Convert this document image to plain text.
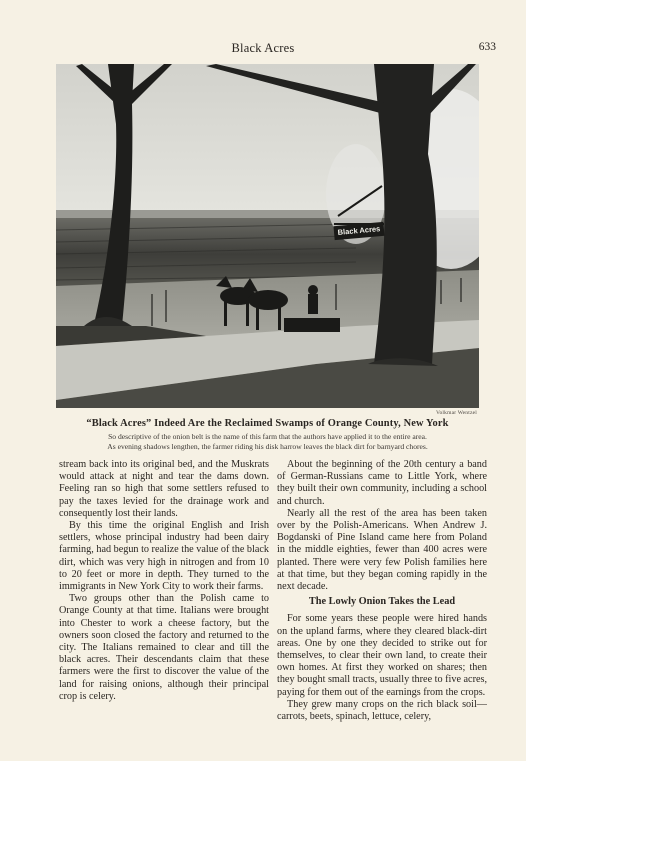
Black Acres	633
Black Acres
Volkmar Wentzel
“Black Acres” Indeed Are the Reclaimed Swamps of Orange County, New York
So descriptive of the onion belt is the name of this farm that the authors have applied it to the entire area.
As evening shadows lengthen, the farmer riding his disk harrow leaves the black dirt for barnyard chores.

stream back into its original bed, and the Muskrats would attack at night and tear the dams down. Feeling ran so high that some settlers refused to pay the taxes levied for the drainage work and consequently lost their lands.

By this time the original English and Irish settlers, whose principal industry had been dairy farming, had begun to realize the value of the black dirt, which was very high in nitrogen and from 10 to 20 feet or more in depth. They turned to the immigrants in New York City to work their farms.

Two groups other than the Polish came to Orange County at that time. Italians were brought into Chester to work a cheese factory, but the owners soon closed the factory and returned to the city. The Italians remained to clear and till the black acres. Their descendants claim that these farmers were the first to discover the value of the land for raising onions, although their principal crop is celery.

About the beginning of the 20th century a band of German-Russians came to Little York, where they built their own community, including a school and church.

Nearly all the rest of the area has been taken over by the Polish-Americans. When Andrew J. Bogdanski of Pine Island came here from Poland in the middle eighties, fewer than 400 acres were planted. There were very few Polish families here at that time, but they began coming rapidly in the next decade.

The Lowly Onion Takes the Lead

For some years these people were hired hands on the upland farms, where they cleared black-dirt areas. One by one they decided to strike out for themselves, to clear their own land, to create their own homes. At first they worked on shares; then they bought small tracts, usually three to five acres, paying for them out of the earnings from the crops.

They grew many crops on the rich black soil—carrots, beets, spinach, lettuce, celery,
